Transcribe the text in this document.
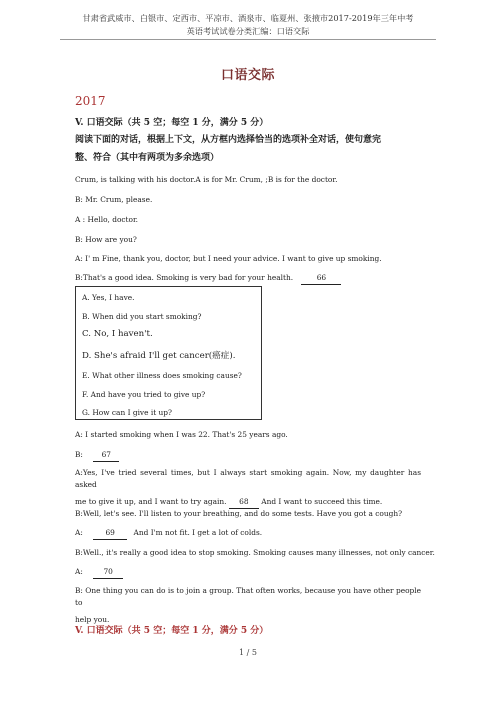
甘肃省武威市、白银市、定西市、平凉市、酒泉市、临夏州、张掖市2017-2019年三年中考
英语考试试卷分类汇编：口语交际
口语交际
2017
V. 口语交际（共 5 空；每空 1 分，满分 5 分）
阅读下面的对话，根据上下文，从方框内选择恰当的选项补全对话，使句意完
整、符合（其中有两项为多余选项）
Crum, is talking with his doctor.A is for Mr. Crum, ;B is for the doctor.
B: Mr. Crum, please.
A : Hello, doctor.
B: How are you?
A: I' m Fine, thank you, doctor, but I need your advice. I want to give up smoking.
B:That's a good idea. Smoking is very bad for your health.	66
A. Yes, I have.
B. When did you start smoking?
C. No, I haven't.
D. She's afraid I'll get cancer(癌症).
E. What other illness does smoking cause?
F. And have you tried to give up?
G. How can I give it up?
A: I started smoking when I was 22. That's 25 years ago.
B:	67
A:Yes, I've tried several times, but I always start smoking again. Now, my daughter has asked
me to give it up, and I want to try again. 68 And I want to succeed this time.
B:Well, let's see. I'll listen to your breathing, and do some tests. Have you got a cough?
A:	69	And I'm not fit. I get a lot of colds.
B:Well., it's really a good idea to stop smoking. Smoking causes many illnesses, not only cancer.
A:	70
B: One thing you can do is to join a group. That often works, because you have other people to
help you.
V. 口语交际（共 5 空；每空 1 分，满分 5 分）
1 / 5
